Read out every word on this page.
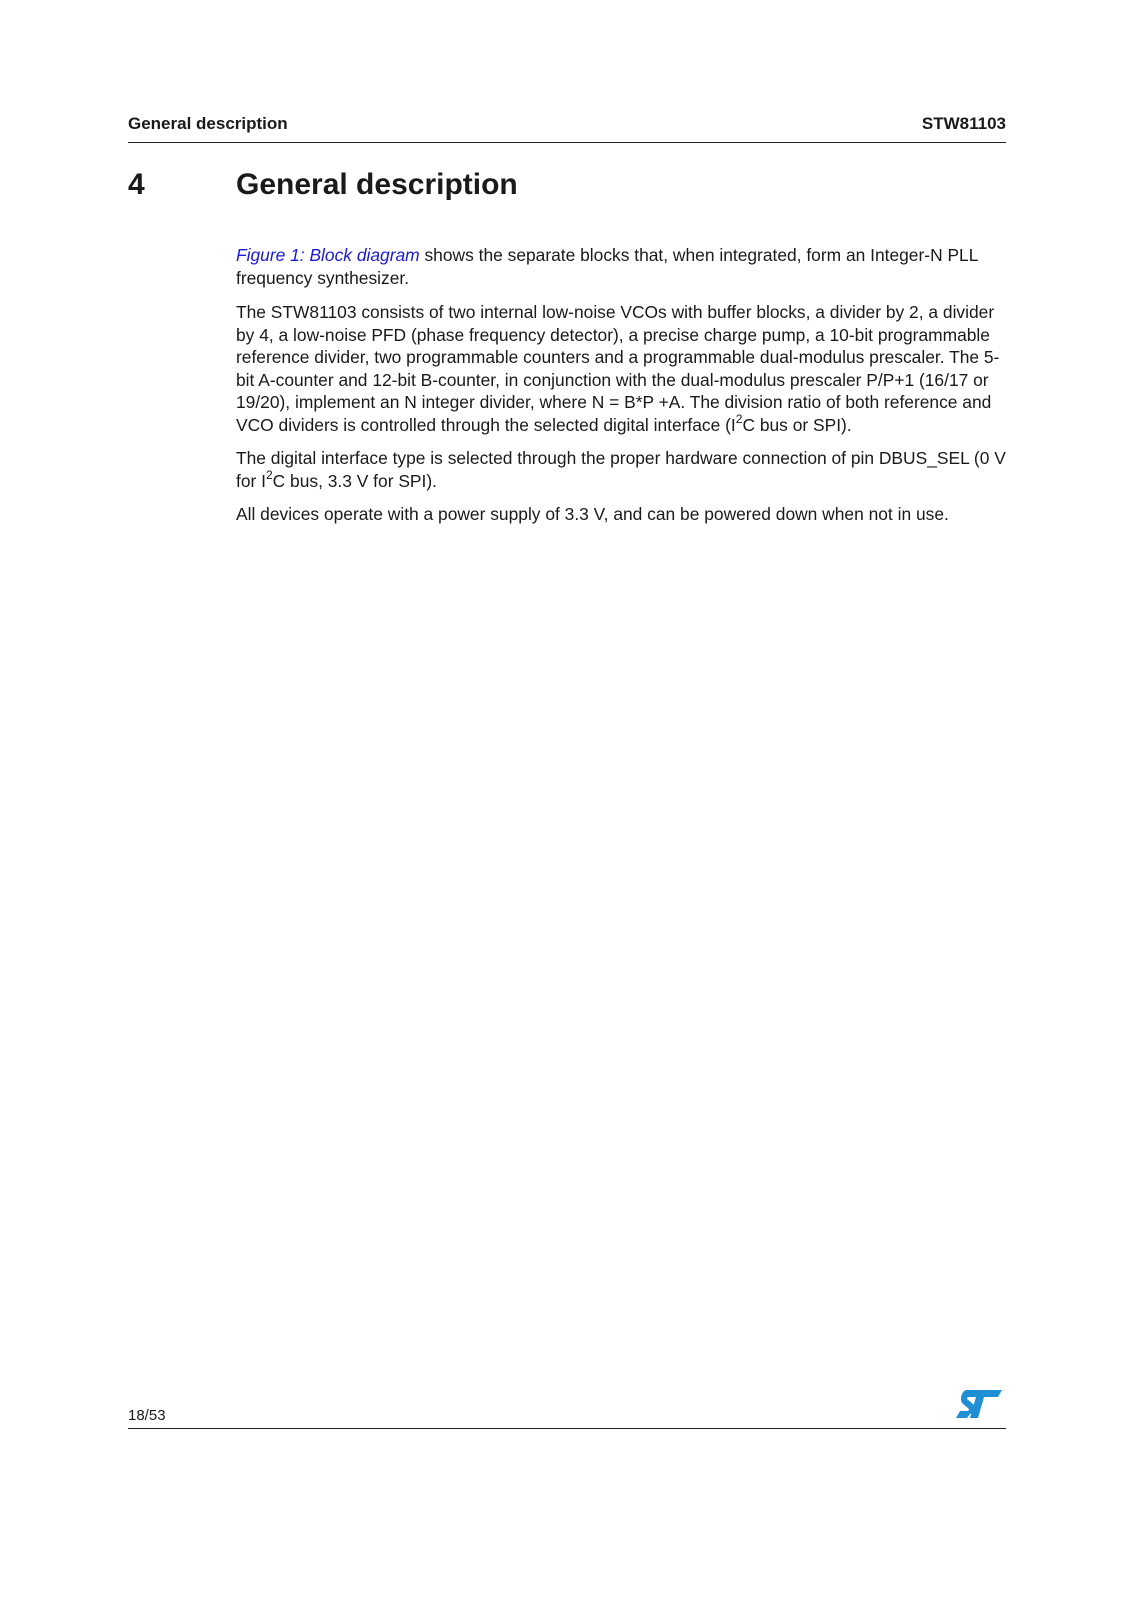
General description	STW81103
4	General description

Figure 1: Block diagram shows the separate blocks that, when integrated, form an Integer-N PLL frequency synthesizer.

The STW81103 consists of two internal low-noise VCOs with buffer blocks, a divider by 2, a divider by 4, a low-noise PFD (phase frequency detector), a precise charge pump, a 10-bit programmable reference divider, two programmable counters and a programmable dual-modulus prescaler. The 5-bit A-counter and 12-bit B-counter, in conjunction with the dual-modulus prescaler P/P+1 (16/17 or 19/20), implement an N integer divider, where N = B*P +A. The division ratio of both reference and VCO dividers is controlled through the selected digital interface ($I^2C$ bus or SPI).

The digital interface type is selected through the proper hardware connection of pin DBUS_SEL (0 V for $I^2C$ bus, 3.3 V for SPI).

All devices operate with a power supply of 3.3 V, and can be powered down when not in use.

18/53
